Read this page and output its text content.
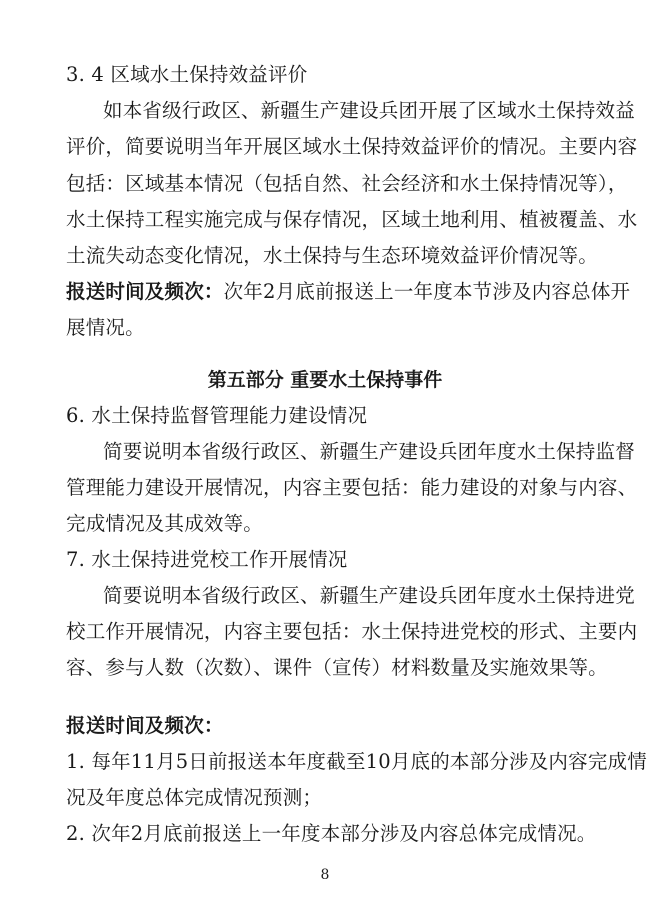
3. 4 区域水土保持效益评价
如本省级行政区、新疆生产建设兵团开展了区域水土保持效益
评价，简要说明当年开展区域水土保持效益评价的情况。主要内容
包括：区域基本情况（包括自然、社会经济和水土保持情况等），
水土保持工程实施完成与保存情况，区域土地利用、植被覆盖、水
土流失动态变化情况，水土保持与生态环境效益评价情况等。
报送时间及频次：次年2月底前报送上一年度本节涉及内容总体开
展情况。
第五部分 重要水土保持事件
6. 水土保持监督管理能力建设情况
简要说明本省级行政区、新疆生产建设兵团年度水土保持监督
管理能力建设开展情况，内容主要包括：能力建设的对象与内容、
完成情况及其成效等。
7. 水土保持进党校工作开展情况
简要说明本省级行政区、新疆生产建设兵团年度水土保持进党
校工作开展情况，内容主要包括：水土保持进党校的形式、主要内
容、参与人数（次数）、课件（宣传）材料数量及实施效果等。
报送时间及频次：
1. 每年11月5日前报送本年度截至10月底的本部分涉及内容完成情
况及年度总体完成情况预测；
2. 次年2月底前报送上一年度本部分涉及内容总体完成情况。
8
